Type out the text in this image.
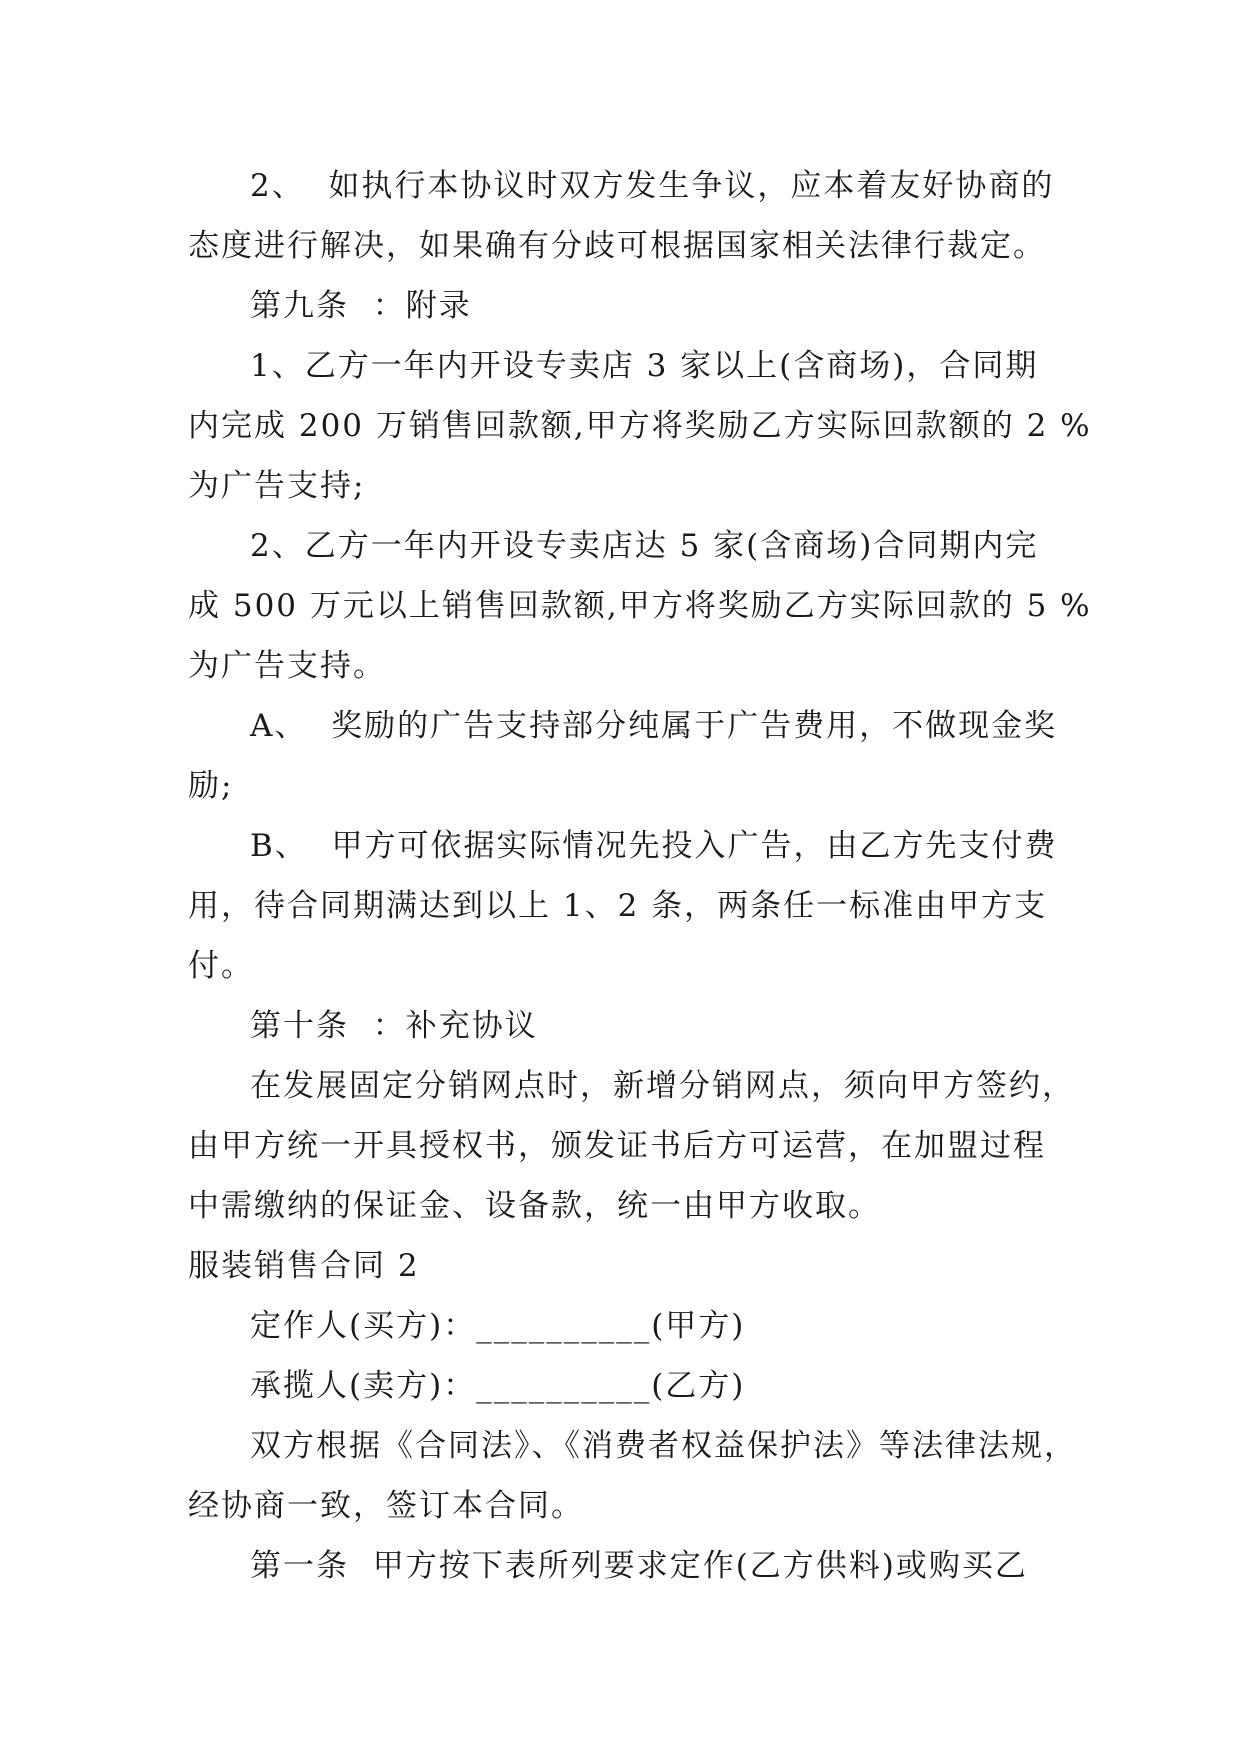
2、  如执行本协议时双方发生争议，应本着友好协商的
态度进行解决，如果确有分歧可根据国家相关法律行裁定。
第九条  ：附录
1、乙方一年内开设专卖店 3 家以上(含商场)，合同期
内完成 200 万销售回款额,甲方将奖励乙方实际回款额的 2 %
为广告支持;
2、乙方一年内开设专卖店达 5 家(含商场)合同期内完
成 500 万元以上销售回款额,甲方将奖励乙方实际回款的 5 %
为广告支持。
A、  奖励的广告支持部分纯属于广告费用，不做现金奖
励;
B、  甲方可依据实际情况先投入广告，由乙方先支付费
用，待合同期满达到以上 1、2 条，两条任一标准由甲方支
付。
第十条  ：补充协议
在发展固定分销网点时，新增分销网点，须向甲方签约，
由甲方统一开具授权书，颁发证书后方可运营，在加盟过程
中需缴纳的保证金、设备款，统一由甲方收取。
服装销售合同 2
定作人(买方)：__________(甲方)
承揽人(卖方)：__________(乙方)
双方根据《合同法》、《消费者权益保护法》等法律法规，
经协商一致，签订本合同。
第一条  甲方按下表所列要求定作(乙方供料)或购买乙
